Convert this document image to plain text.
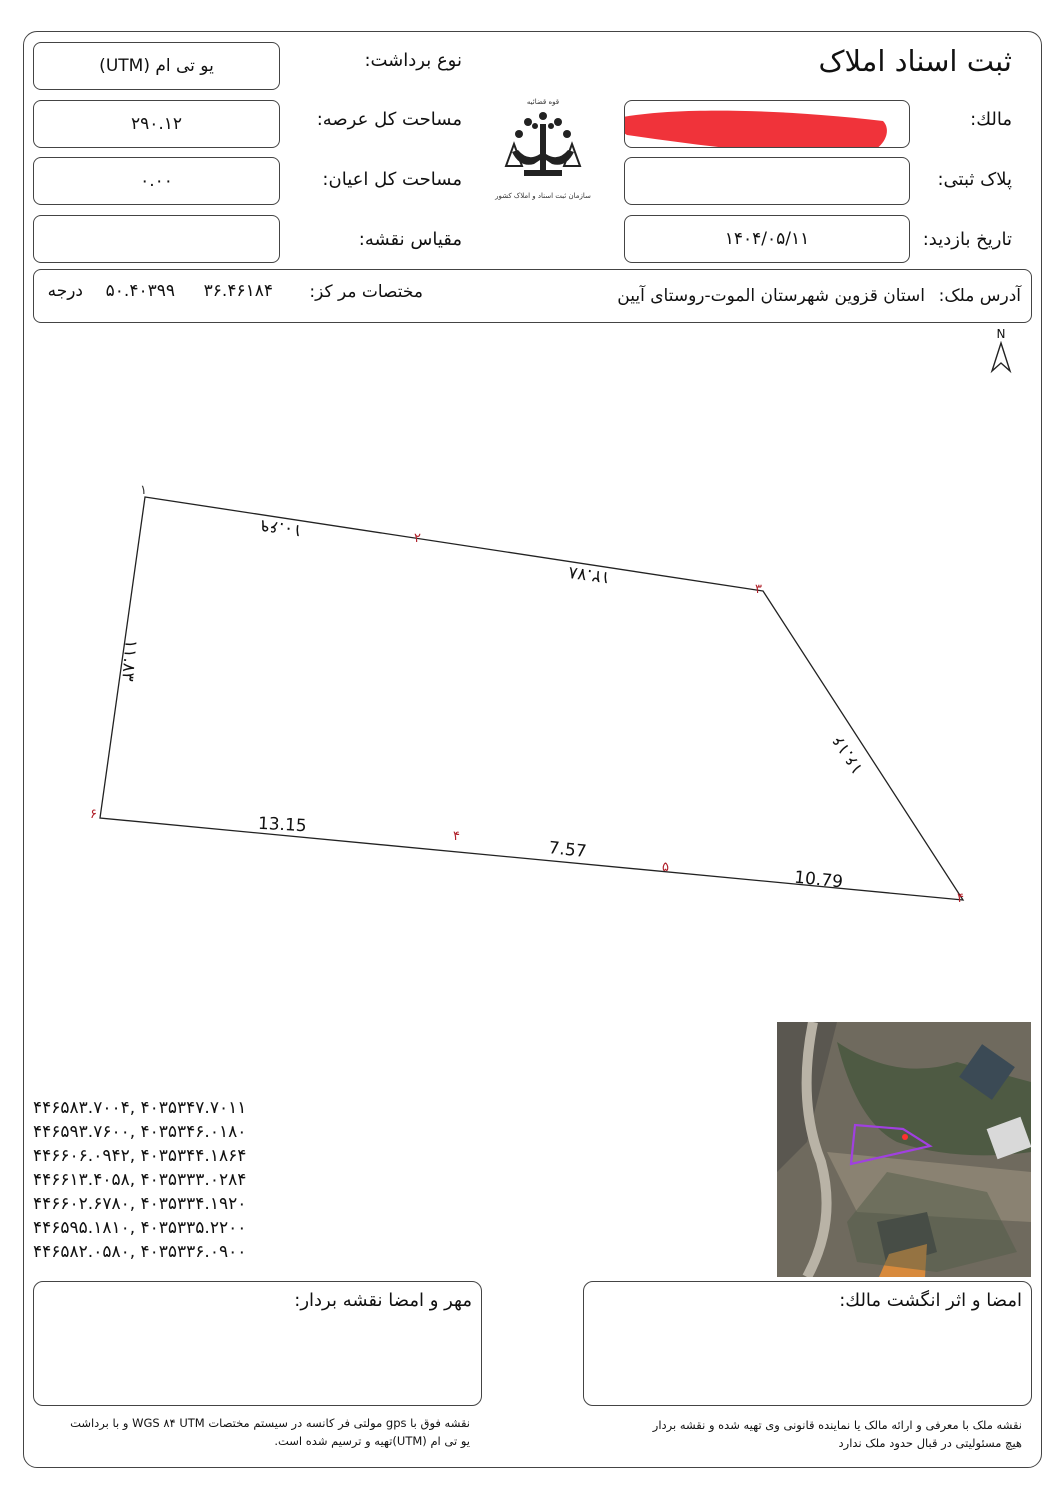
ثبت اسناد املاک
یو تی ام (UTM)	نوع برداشت:
۲۹۰.۱۲	مساحت کل عرصه:
۰.۰۰	مساحت کل اعیان:
مقیاس نقشه:
قوه قضائیه
سازمان ثبت اسناد و املاک کشور
مالك:
پلاک ثبتی:
۱۴۰۴/۰۵/۱۱	تاریخ بازدید:
آدرس ملک:
استان قزوین شهرستان الموت-روستای آیین
مختصات مر کز:
۳۶.۴۶۱۸۴
۵۰.۴۰۳۹۹
درجه
N
۱۰.۶۹
۱۲.۷۸
۱۶.۱۶
10.79
7.57
13.15
۱۱.۸۳
۱
۲
۳
۴
۵
۴
۶
۴۴۶۵۸۳.۷۰۰۴, ۴۰۳۵۳۴۷.۷۰۱۱
۴۴۶۵۹۳.۷۶۰۰, ۴۰۳۵۳۴۶.۰۱۸۰
۴۴۶۶۰۶.۰۹۴۲, ۴۰۳۵۳۴۴.۱۸۶۴
۴۴۶۶۱۳.۴۰۵۸, ۴۰۳۵۳۳۳.۰۲۸۴
۴۴۶۶۰۲.۶۷۸۰, ۴۰۳۵۳۳۴.۱۹۲۰
۴۴۶۵۹۵.۱۸۱۰, ۴۰۳۵۳۳۵.۲۲۰۰
۴۴۶۵۸۲.۰۵۸۰, ۴۰۳۵۳۳۶.۰۹۰۰
امضا و اثر انگشت مالك:
مهر و امضا نقشه بردار:
نقشه ملک با معرفی و ارائه مالک یا نماینده قانونی وی تهیه شده و نقشه بردار
هیچ مسئولیتی در قبال حدود ملک ندارد
نقشه فوق با gps مولتی فر کانسه در سیستم مختصات WGS ۸۴ UTM و با برداشت
یو تی ام (UTM)تهیه و ترسیم شده است.
